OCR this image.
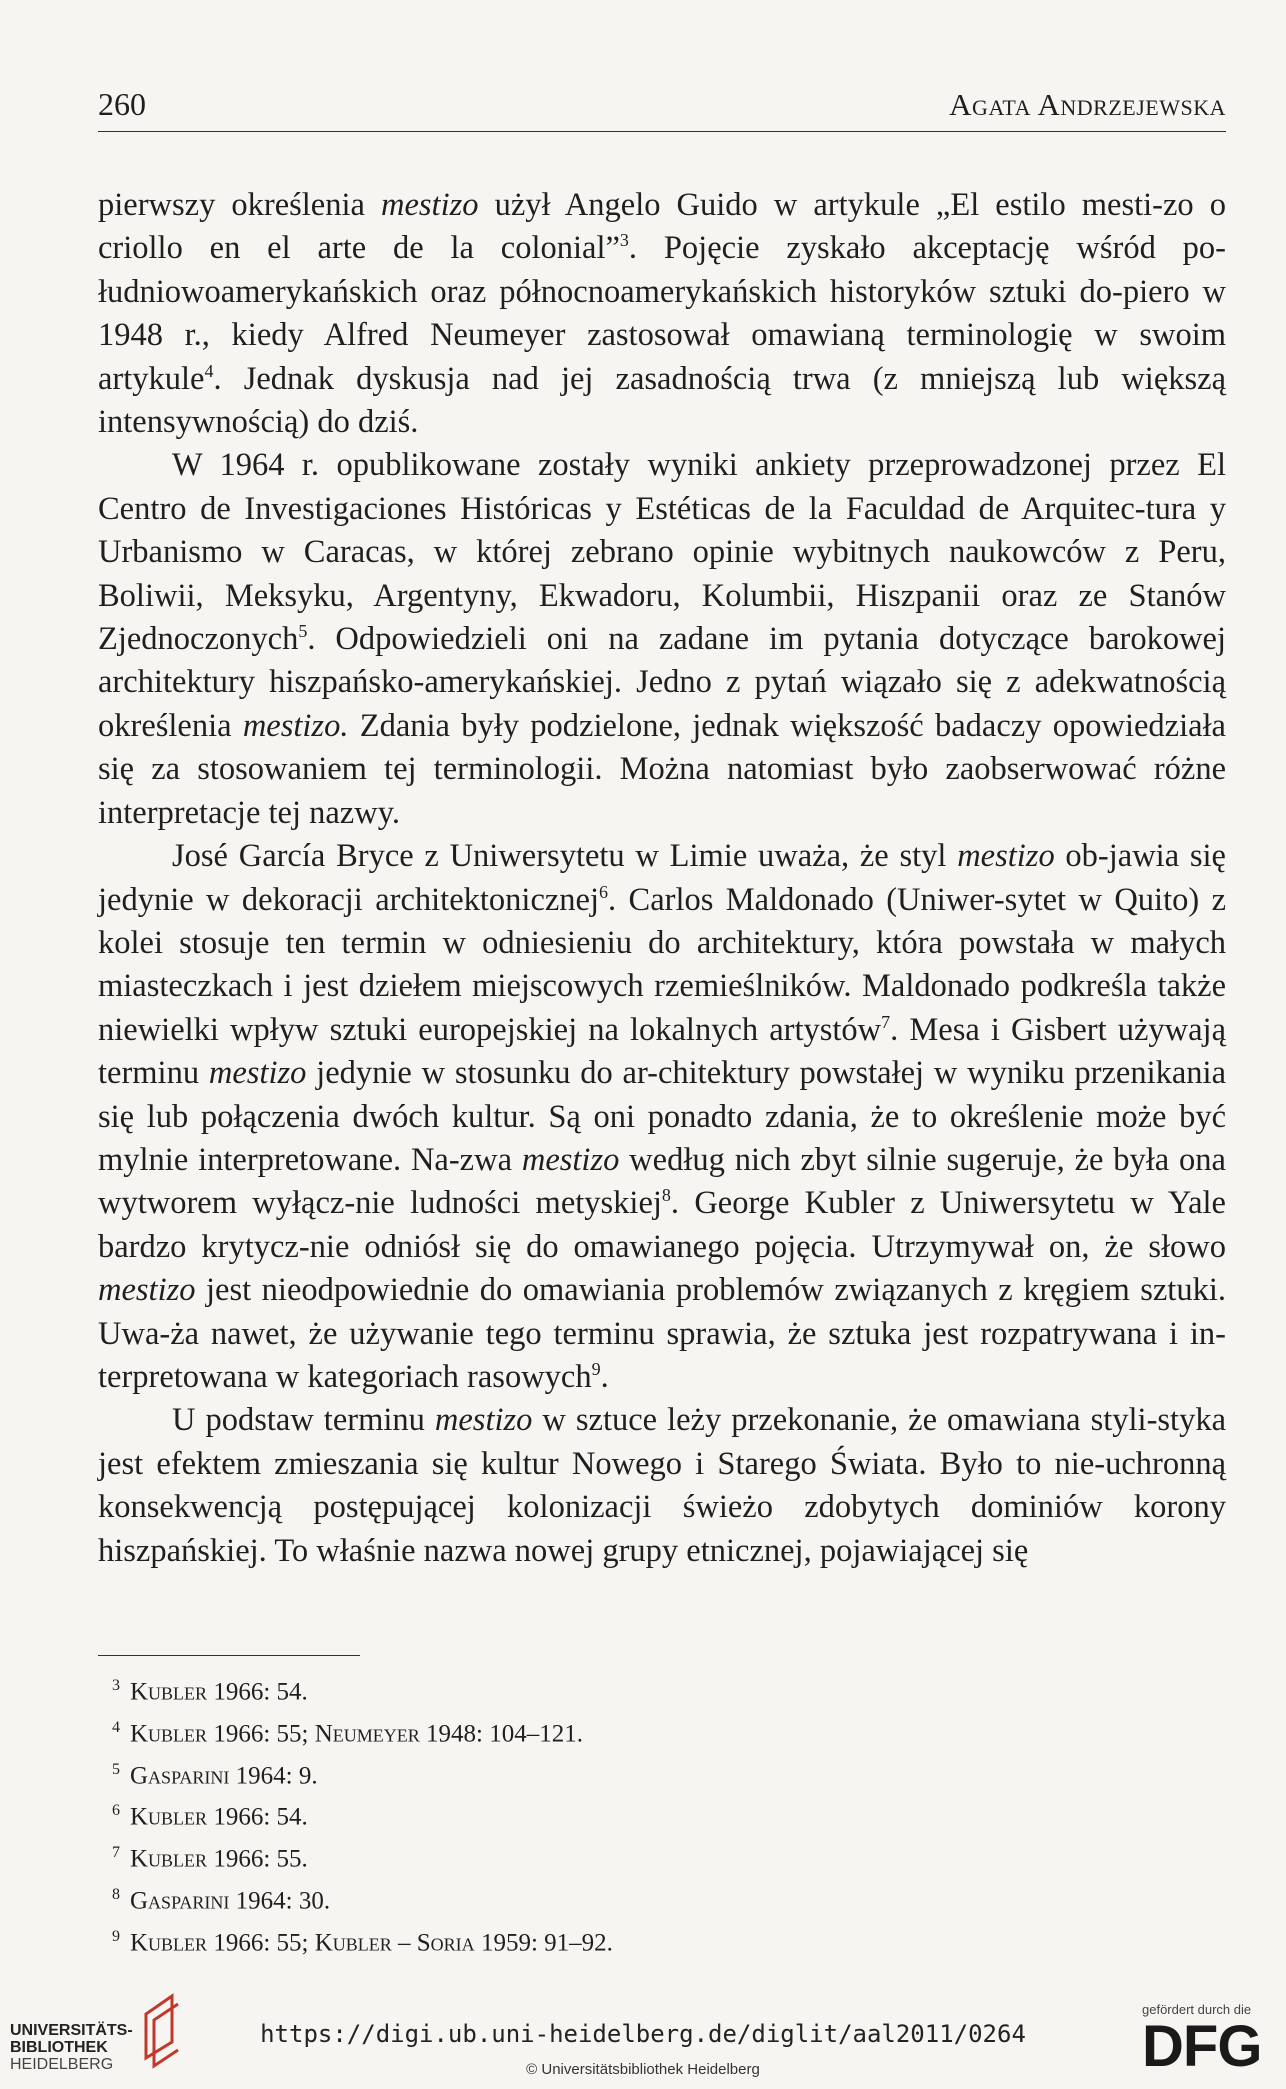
260	Agata Andrzejewska

pierwszy określenia mestizo użył Angelo Guido w artykule „El estilo mesti-zo o criollo en el arte de la colonial”$^3$. Pojęcie zyskało akceptację wśród po-łudniowoamerykańskich oraz północnoamerykańskich historyków sztuki do-piero w 1948 r., kiedy Alfred Neumeyer zastosował omawianą terminologię w swoim artykule$^4$. Jednak dyskusja nad jej zasadnością trwa (z mniejszą lub większą intensywnością) do dziś.

W 1964 r. opublikowane zostały wyniki ankiety przeprowadzonej przez El Centro de Investigaciones Históricas y Estéticas de la Faculdad de Arquitec-tura y Urbanismo w Caracas, w której zebrano opinie wybitnych naukowców z Peru, Boliwii, Meksyku, Argentyny, Ekwadoru, Kolumbii, Hiszpanii oraz ze Stanów Zjednoczonych$^5$. Odpowiedzieli oni na zadane im pytania dotyczące barokowej architektury hiszpańsko-amerykańskiej. Jedno z pytań wiązało się z adekwatnością określenia mestizo. Zdania były podzielone, jednak większość badaczy opowiedziała się za stosowaniem tej terminologii. Można natomiast było zaobserwować różne interpretacje tej nazwy.

José García Bryce z Uniwersytetu w Limie uważa, że styl mestizo ob-jawia się jedynie w dekoracji architektonicznej$^6$. Carlos Maldonado (Uniwer-sytet w Quito) z kolei stosuje ten termin w odniesieniu do architektury, która powstała w małych miasteczkach i jest dziełem miejscowych rzemieślników. Maldonado podkreśla także niewielki wpływ sztuki europejskiej na lokalnych artystów$^7$. Mesa i Gisbert używają terminu mestizo jedynie w stosunku do ar-chitektury powstałej w wyniku przenikania się lub połączenia dwóch kultur. Są oni ponadto zdania, że to określenie może być mylnie interpretowane. Na-zwa mestizo według nich zbyt silnie sugeruje, że była ona wytworem wyłącz-nie ludności metyskiej$^8$. George Kubler z Uniwersytetu w Yale bardzo krytycz-nie odniósł się do omawianego pojęcia. Utrzymywał on, że słowo mestizo jest nieodpowiednie do omawiania problemów związanych z kręgiem sztuki. Uwa-ża nawet, że używanie tego terminu sprawia, że sztuka jest rozpatrywana i in-terpretowana w kategoriach rasowych$^9$.

U podstaw terminu mestizo w sztuce leży przekonanie, że omawiana styli-styka jest efektem zmieszania się kultur Nowego i Starego Świata. Było to nie-uchronną konsekwencją postępującej kolonizacji świeżo zdobytych dominiów korony hiszpańskiej. To właśnie nazwa nowej grupy etnicznej, pojawiającej się

$^3$ Kubler 1966: 54.
$^4$ Kubler 1966: 55; Neumeyer 1948: 104–121.
$^5$ Gasparini 1964: 9.
$^6$ Kubler 1966: 54.
$^7$ Kubler 1966: 55.
$^8$ Gasparini 1964: 30.
$^9$ Kubler 1966: 55; Kubler – Soria 1959: 91–92.
UNIVERSITÄTS-
BIBLIOTHEK
HEIDELBERG
https://digi.ub.uni-heidelberg.de/diglit/aal2011/0264
© Universitätsbibliothek Heidelberg
gefördert durch die
DFG
